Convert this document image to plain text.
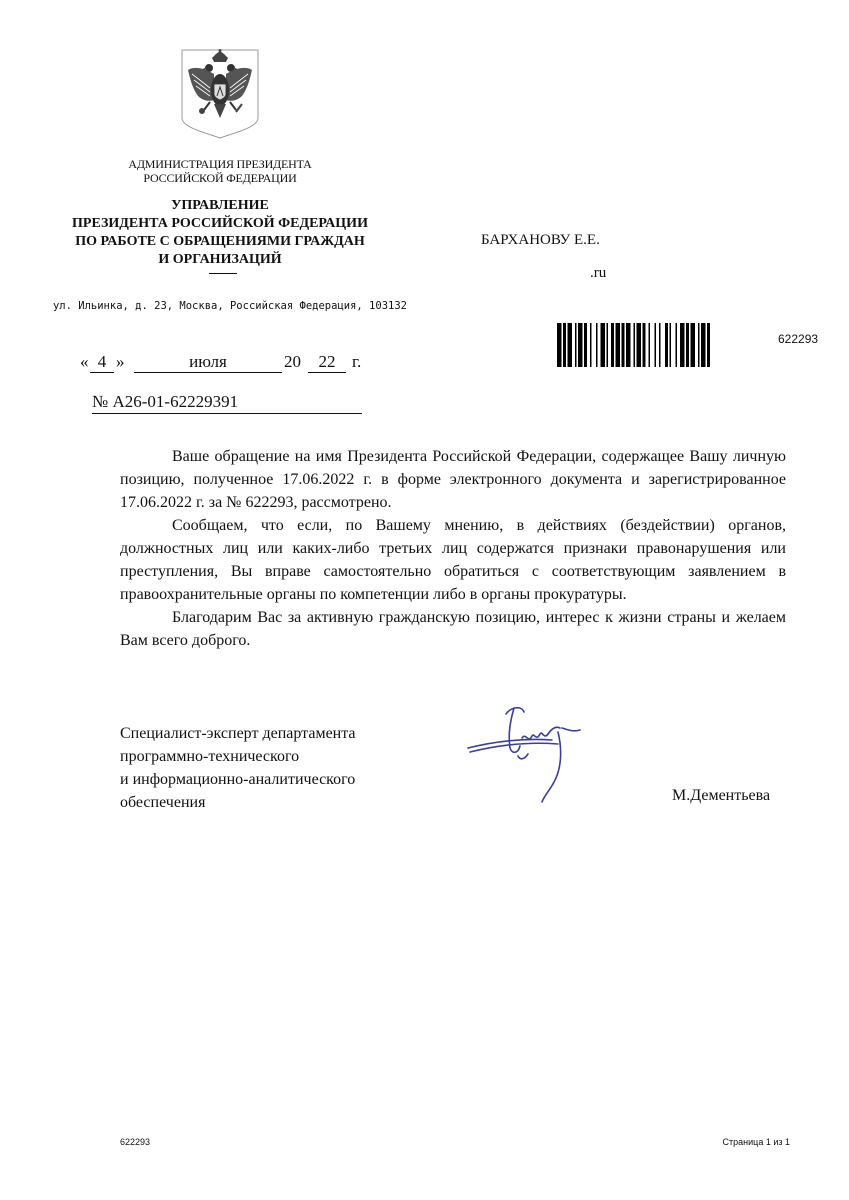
АДМИНИСТРАЦИЯ ПРЕЗИДЕНТА
РОССИЙСКОЙ ФЕДЕРАЦИИ
УПРАВЛЕНИЕ
ПРЕЗИДЕНТА РОССИЙСКОЙ ФЕДЕРАЦИИ
ПО РАБОТЕ С ОБРАЩЕНИЯМИ ГРАЖДАН
И ОРГАНИЗАЦИЙ
ул. Ильинка, д. 23, Москва, Российская Федерация, 103132
БАРХАНОВУ Е.Е.
.ru
622293
« 4 »	июля	20	22 г.
№ А26-01-62229391

Ваше обращение на имя Президента Российской Федерации, содержащее Вашу личную позицию, полученное 17.06.2022 г. в форме электронного документа и зарегистрированное 17.06.2022 г. за № 622293, рассмотрено.

Сообщаем, что если, по Вашему мнению, в действиях (бездействии) органов, должностных лиц или каких-либо третьих лиц содержатся признаки правонарушения или преступления, Вы вправе самостоятельно обратиться с соответствующим заявлением в правоохранительные органы по компетенции либо в органы прокуратуры.

Благодарим Вас за активную гражданскую позицию, интерес к жизни страны и желаем Вам всего доброго.

Специалист-эксперт департамента
программно-технического
и информационно-аналитического
обеспечения	М.Дементьева
622293	Страница 1 из 1
